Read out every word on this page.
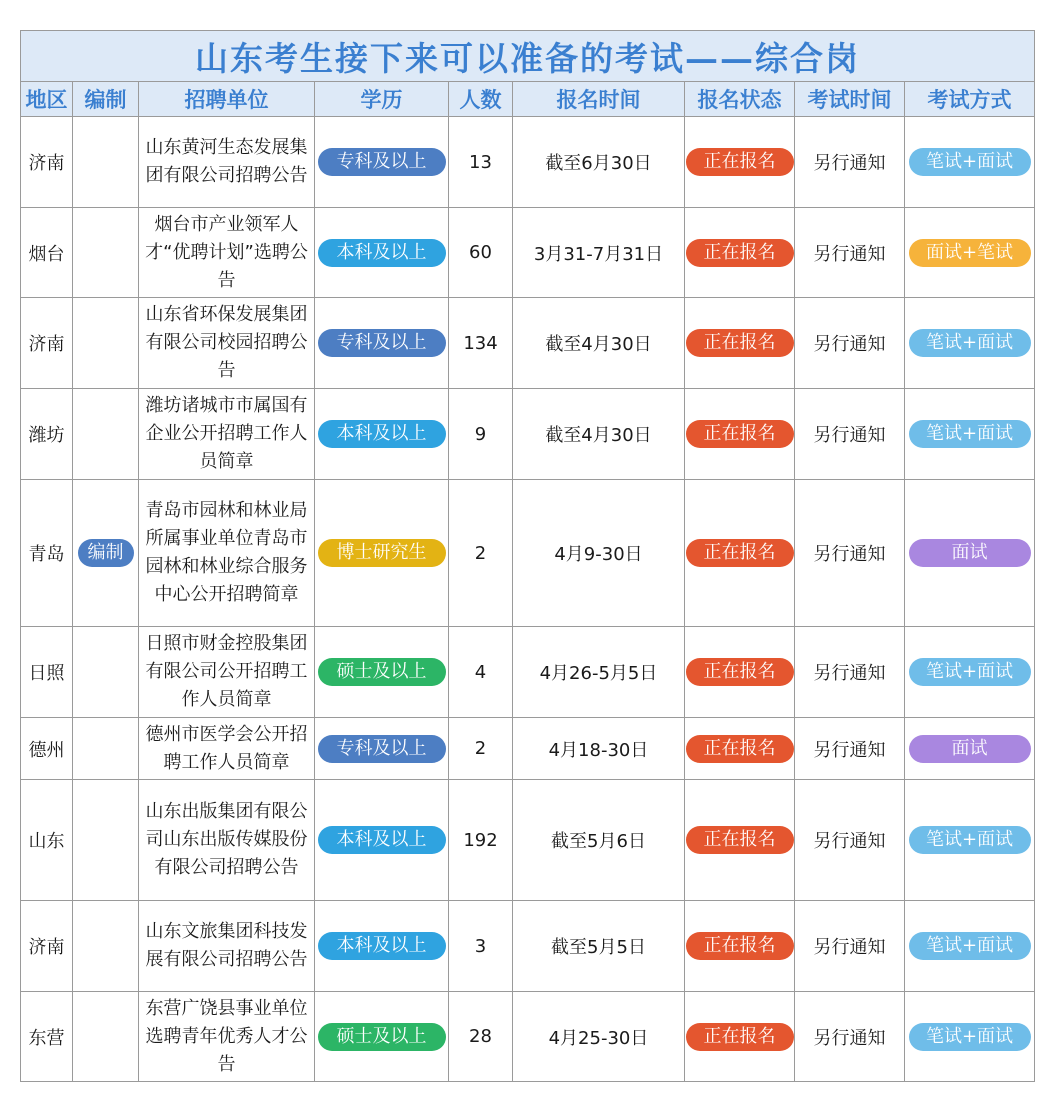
山东考生接下来可以准备的考试——综合岗								
地区	编制	招聘单位	学历	人数	报名时间	报名状态	考试时间	考试方式
济南		山东黄河生态发展集团有限公司招聘公告	专科及以上	13	截至6月30日	正在报名	另行通知	笔试+面试
烟台		烟台市产业领军人才“优聘计划”选聘公告	本科及以上	60	3月31-7月31日	正在报名	另行通知	面试+笔试
济南		山东省环保发展集团有限公司校园招聘公告	专科及以上	134	截至4月30日	正在报名	另行通知	笔试+面试
潍坊		潍坊诸城市市属国有企业公开招聘工作人员简章	本科及以上	9	截至4月30日	正在报名	另行通知	笔试+面试
青岛	编制	青岛市园林和林业局所属事业单位青岛市园林和林业综合服务中心公开招聘简章	博士研究生	2	4月9-30日	正在报名	另行通知	面试
日照		日照市财金控股集团有限公司公开招聘工作人员简章	硕士及以上	4	4月26-5月5日	正在报名	另行通知	笔试+面试
德州		德州市医学会公开招聘工作人员简章	专科及以上	2	4月18-30日	正在报名	另行通知	面试
山东		山东出版集团有限公司山东出版传媒股份有限公司招聘公告	本科及以上	192	截至5月6日	正在报名	另行通知	笔试+面试
济南		山东文旅集团科技发展有限公司招聘公告	本科及以上	3	截至5月5日	正在报名	另行通知	笔试+面试
东营		东营广饶县事业单位选聘青年优秀人才公告	硕士及以上	28	4月25-30日	正在报名	另行通知	笔试+面试
